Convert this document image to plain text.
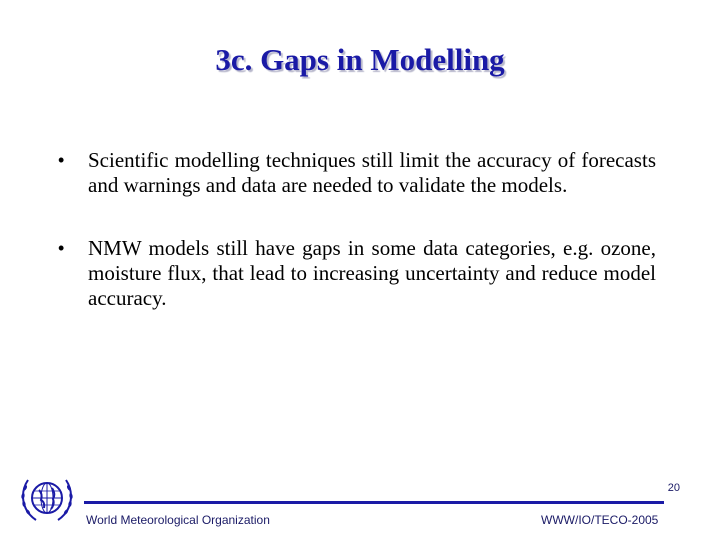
3c. Gaps in Modelling
•	Scientific modelling techniques still limit the accuracy of forecasts and warnings and data are needed to validate the models.
•	NMW models still have gaps in some data categories, e.g. ozone, moisture flux, that lead to increasing uncertainty and reduce model accuracy.
20
World Meteorological Organization	WWW/IO/TECO-2005
